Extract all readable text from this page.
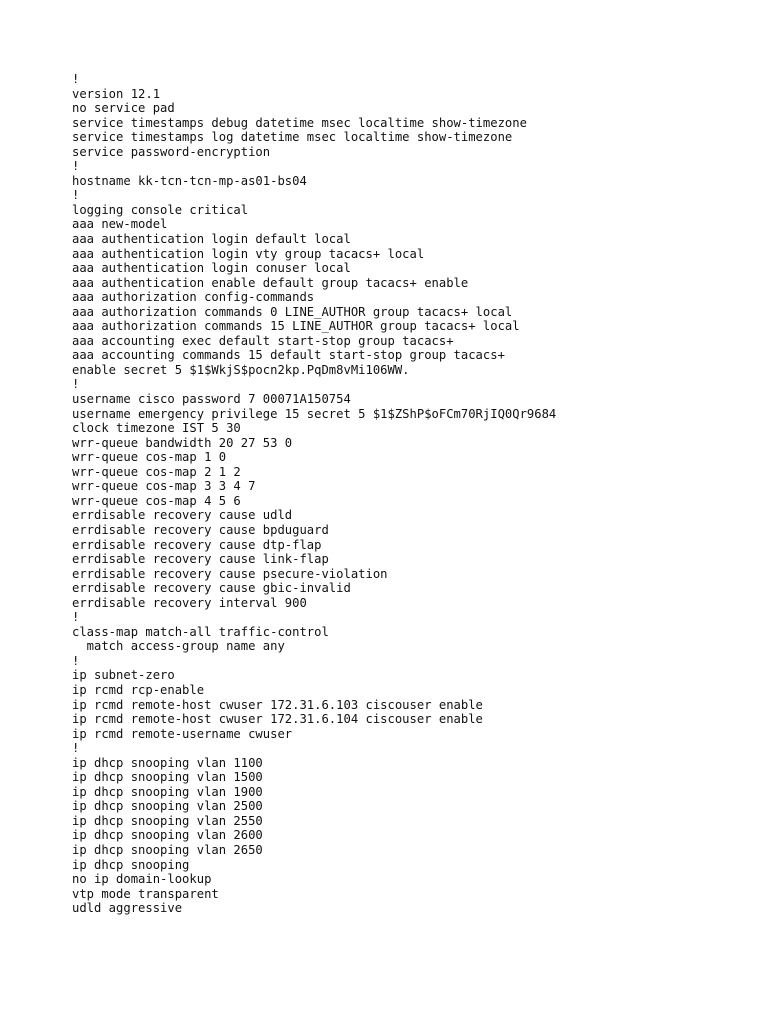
!
version 12.1
no service pad
service timestamps debug datetime msec localtime show-timezone
service timestamps log datetime msec localtime show-timezone
service password-encryption
!
hostname kk-tcn-tcn-mp-as01-bs04
!
logging console critical
aaa new-model
aaa authentication login default local
aaa authentication login vty group tacacs+ local
aaa authentication login conuser local
aaa authentication enable default group tacacs+ enable
aaa authorization config-commands
aaa authorization commands 0 LINE_AUTHOR group tacacs+ local
aaa authorization commands 15 LINE_AUTHOR group tacacs+ local
aaa accounting exec default start-stop group tacacs+
aaa accounting commands 15 default start-stop group tacacs+
enable secret 5 $1$WkjS$pocn2kp.PqDm8vMi106WW.
!
username cisco password 7 00071A150754
username emergency privilege 15 secret 5 $1$ZShP$oFCm70RjIQ0Qr9684
clock timezone IST 5 30
wrr-queue bandwidth 20 27 53 0
wrr-queue cos-map 1 0
wrr-queue cos-map 2 1 2
wrr-queue cos-map 3 3 4 7
wrr-queue cos-map 4 5 6
errdisable recovery cause udld
errdisable recovery cause bpduguard
errdisable recovery cause dtp-flap
errdisable recovery cause link-flap
errdisable recovery cause psecure-violation
errdisable recovery cause gbic-invalid
errdisable recovery interval 900
!
class-map match-all traffic-control
match access-group name any
!
ip subnet-zero
ip rcmd rcp-enable
ip rcmd remote-host cwuser 172.31.6.103 ciscouser enable
ip rcmd remote-host cwuser 172.31.6.104 ciscouser enable
ip rcmd remote-username cwuser
!
ip dhcp snooping vlan 1100
ip dhcp snooping vlan 1500
ip dhcp snooping vlan 1900
ip dhcp snooping vlan 2500
ip dhcp snooping vlan 2550
ip dhcp snooping vlan 2600
ip dhcp snooping vlan 2650
ip dhcp snooping
no ip domain-lookup
vtp mode transparent
udld aggressive
